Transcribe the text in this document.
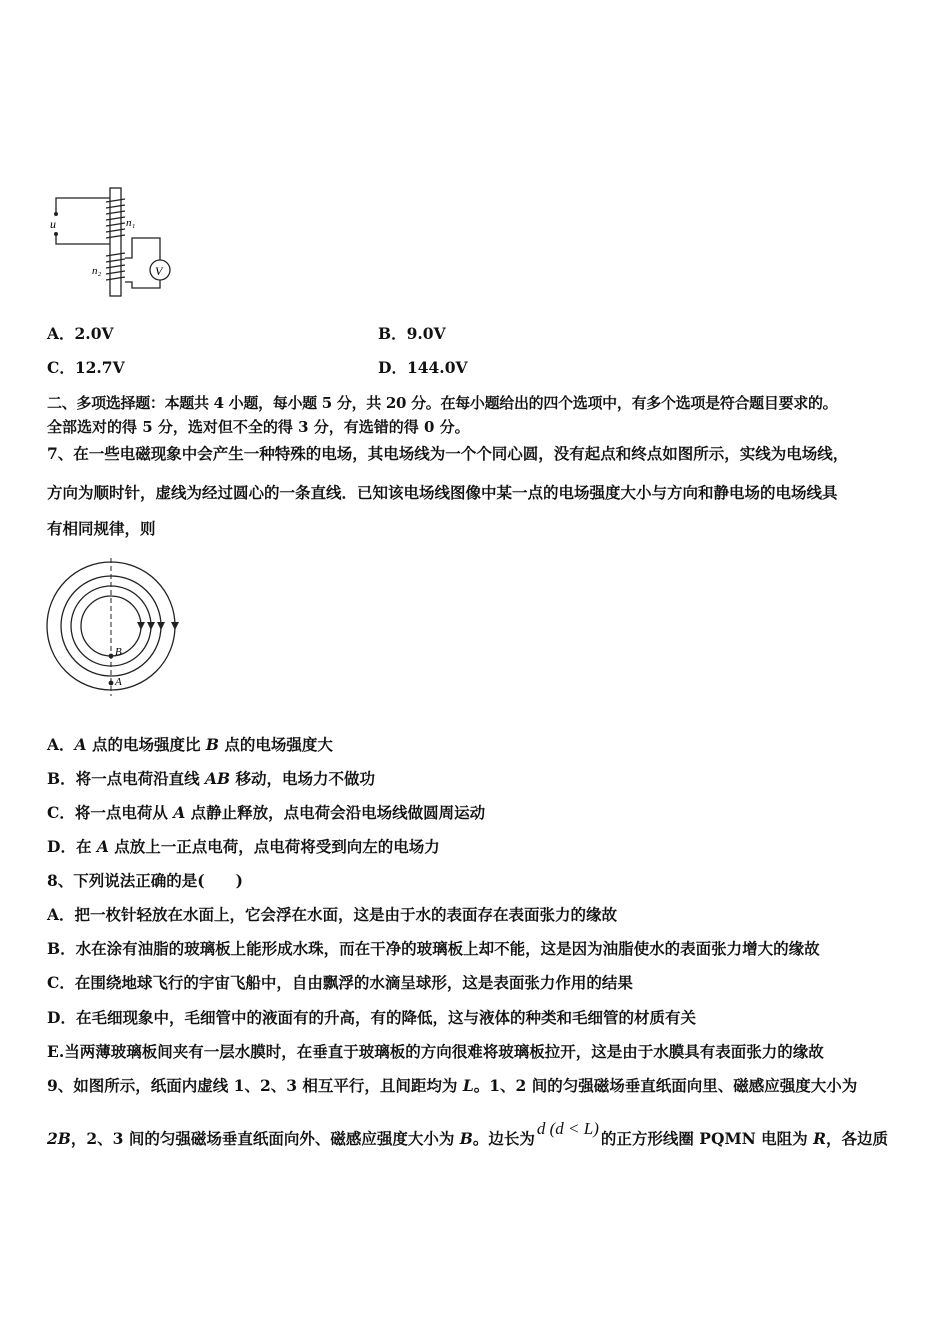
u	n₁
n₂	V
A．2.0V	B．9.0V
C．12.7V	D．144.0V
二、多项选择题：本题共 4 小题，每小题 5 分，共 20 分。在每小题给出的四个选项中，有多个选项是符合题目要求的。
全部选对的得 5 分，选对但不全的得 3 分，有选错的得 0 分。
7、在一些电磁现象中会产生一种特殊的电场，其电场线为一个个同心圆，没有起点和终点如图所示，实线为电场线，
方向为顺时针，虚线为经过圆心的一条直线．已知该电场线图像中某一点的电场强度大小与方向和静电场的电场线具
有相同规律，则
B
A
A．A 点的电场强度比 B 点的电场强度大
B．将一点电荷沿直线 AB 移动，电场力不做功
C．将一点电荷从 A 点静止释放，点电荷会沿电场线做圆周运动
D．在 A 点放上一正点电荷，点电荷将受到向左的电场力
8、下列说法正确的是(　　)
A．把一枚针轻放在水面上，它会浮在水面，这是由于水的表面存在表面张力的缘故
B．水在涂有油脂的玻璃板上能形成水珠，而在干净的玻璃板上却不能，这是因为油脂使水的表面张力增大的缘故
C．在围绕地球飞行的宇宙飞船中，自由飘浮的水滴呈球形，这是表面张力作用的结果
D．在毛细现象中，毛细管中的液面有的升高，有的降低，这与液体的种类和毛细管的材质有关
E.当两薄玻璃板间夹有一层水膜时，在垂直于玻璃板的方向很难将玻璃板拉开，这是由于水膜具有表面张力的缘故
9、如图所示，纸面内虚线 1、2、3 相互平行，且间距均为 L。1、2 间的匀强磁场垂直纸面向里、磁感应强度大小为
2B，2、3 间的匀强磁场垂直纸面向外、磁感应强度大小为 B。边长为d (d < L)的正方形线圈 PQMN 电阻为 R，各边质
